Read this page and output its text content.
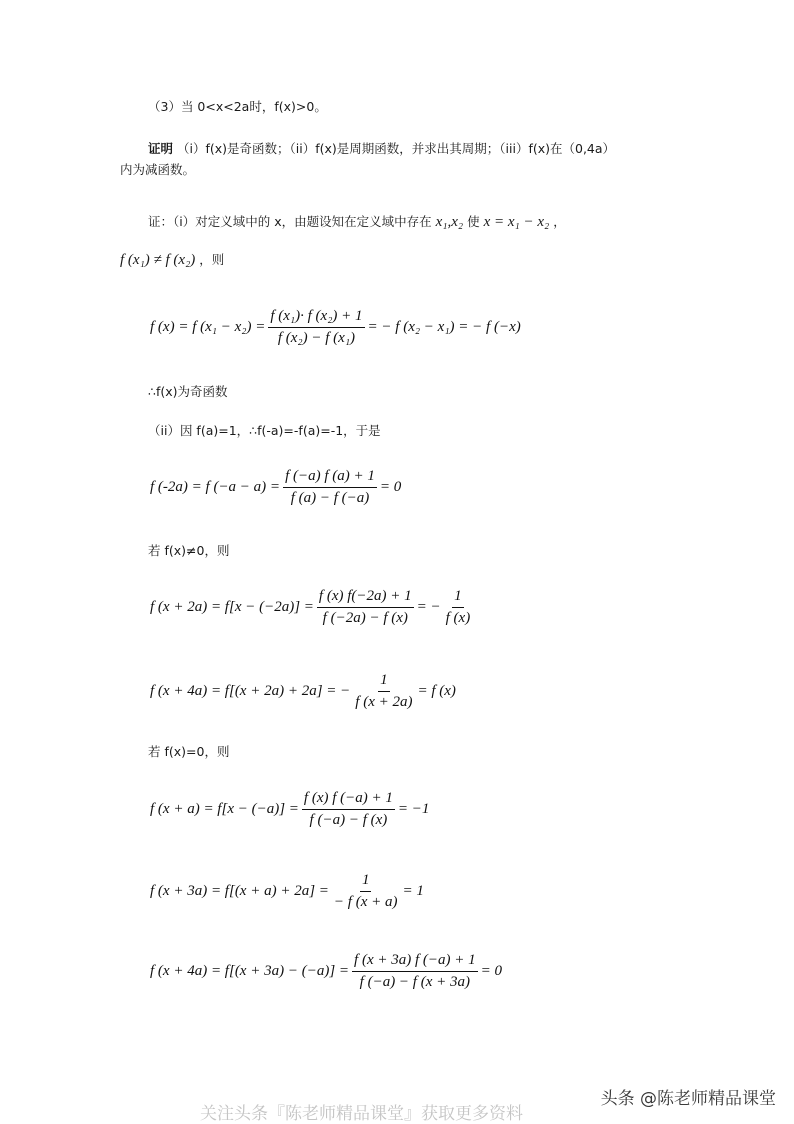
（3）当 0<x<2a时，f(x)>0。
证明 （i）f(x)是奇函数；（ii）f(x)是周期函数，并求出其周期；（iii）f(x)在（0,4a）
内为减函数。
证：（i）对定义域中的 x，由题设知在定义域中存在 x₁,x₂ 使 x = x₁ − x₂ ，
f (x₁) ≠ f (x₂) ，则
f (x) = f $(x_1 - x_2) = \frac{\text{f (x₁)· f (x₂) + 1}}{\text{f (x₂) − f (x₁)}}$ = − f (x₂ − x₁) = − f (−x)
∴f(x)为奇函数
（ii）因 f(a)=1，∴f(-a)=-f(a)=-1，于是
f (-2a) = f $(-a - a) = \frac{f (-a) f (a) + 1}{f (a) - f (-a)} = 0$
若 f(x)≠0，则
f $(x + 2a) = f[x - (-2a)] = \frac{f (x) f(-2a) + 1}{f (-2a) - f (x)}$ = − $\frac{1}{f (x)}$
f (x + 4a) = f[(x + 2a) + 2a] = − $\frac{1}{f (x + 2a)} = f$ (x)
若 f(x)=0，则
f $(x + a) = f[x - (-a)] = \frac{f (x) f (-a) + 1}{f (-a) - f (x)} = -1$
f $(x + 3a) = f[(x + a) + 2a] = \frac{1}{- f (x + a)} = 1$
f $(x + 4a) = f[(x + 3a) - (-a)] = \frac{f (x + 3a) f (-a) + 1}{f (-a) - f (x + 3a)} = 0$
头条 @陈老师精品课堂
关注头条『陈老师精品课堂』获取更多资料
